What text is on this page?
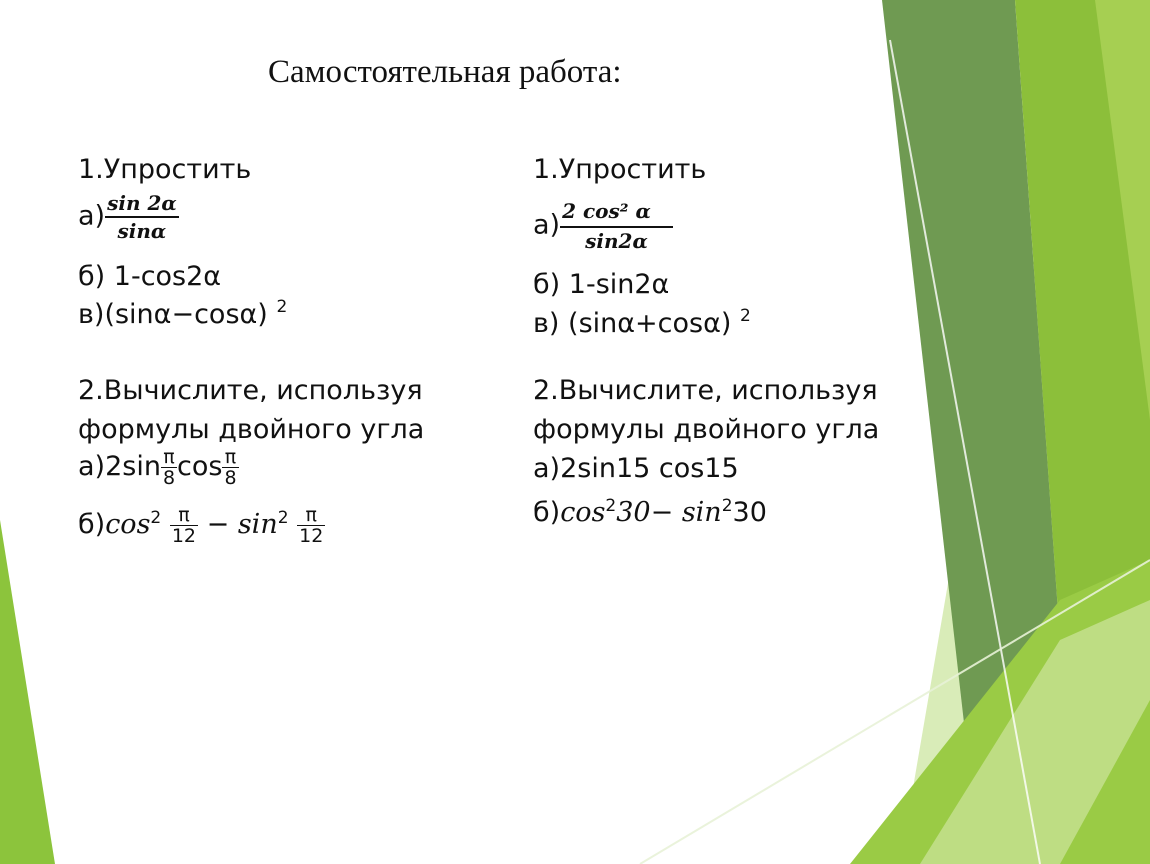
Самостоятельная работа:
1.Упростить
$а) \frac{\sin 2\alpha}{\sin\alpha}$
б) 1-cos2α
в)(sinα−cosα) $^2$
2.Вычислите, используя
формулы двойного угла
$а)2\sin \frac{\pi}{8}$ $\cos \frac{\pi}{8}$
$б)\cos^2 \frac{\pi}{12} - \sin^2 \frac{\pi}{12}$
1.Упростить
$а) \frac{\text{2 cos² α}}{\sin 2\alpha}$
б) 1-sin2α
в) (sinα+cosα) $^2$
2.Вычислите, используя
формулы двойного угла
а)2sin15 cos15
$б)\cos^230- \sin^230$
